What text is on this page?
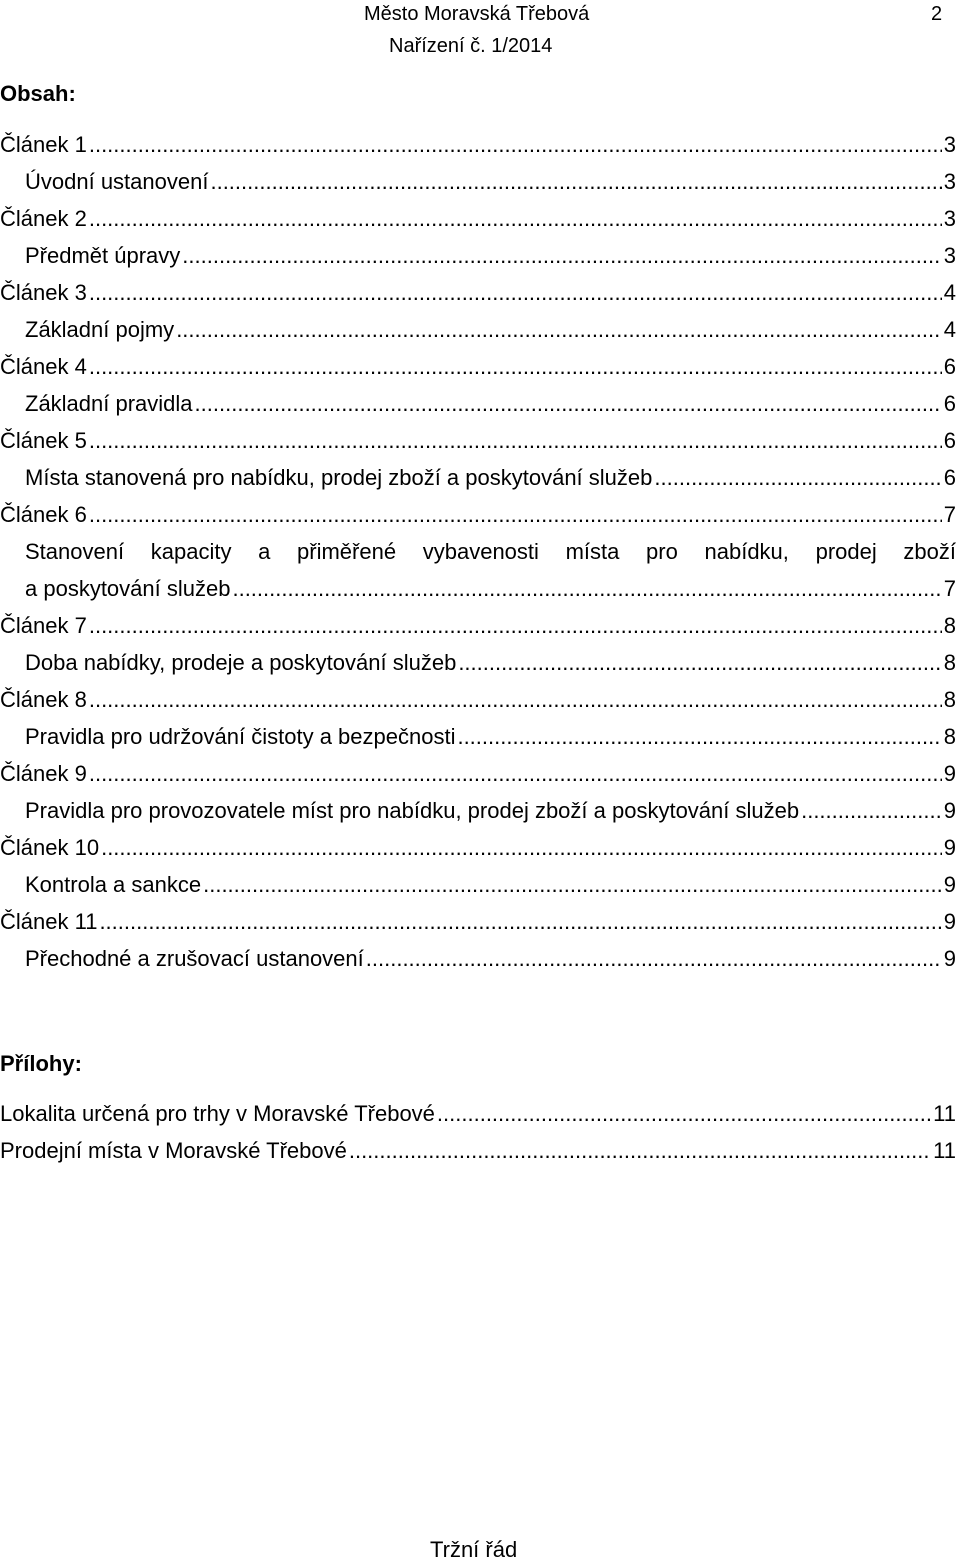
Město Moravská Třebová	2
Nařízení č. 1/2014
Obsah:
Článek 1 .....	3
Úvodní ustanovení .....	3
Článek 2 .....	3
Předmět úpravy .....	3
Článek 3 .....	4
Základní pojmy .....	4
Článek 4 .....	6
Základní pravidla .....	6
Článek 5 .....	6
Místa stanovená pro nabídku, prodej zboží a poskytování služeb .....	6
Článek 6 .....	7
Stanovení kapacity a přiměřené vybavenosti místa pro nabídku, prodej zboží
a poskytování služeb .....	7
Článek 7 .....	8
Doba nabídky, prodeje a poskytování služeb .....	8
Článek 8 .....	8
Pravidla pro udržování čistoty a bezpečnosti .....	8
Článek 9 .....	9
Pravidla pro provozovatele míst pro nabídku, prodej zboží a poskytování služeb .....	9
Článek 10 .....	9
Kontrola a sankce .....	9
Článek 11 .....	9
Přechodné a zrušovací ustanovení .....	9
Přílohy:
Lokalita určená pro trhy v Moravské Třebové .....	11
Prodejní místa v Moravské Třebové .....	11
Tržní řád
